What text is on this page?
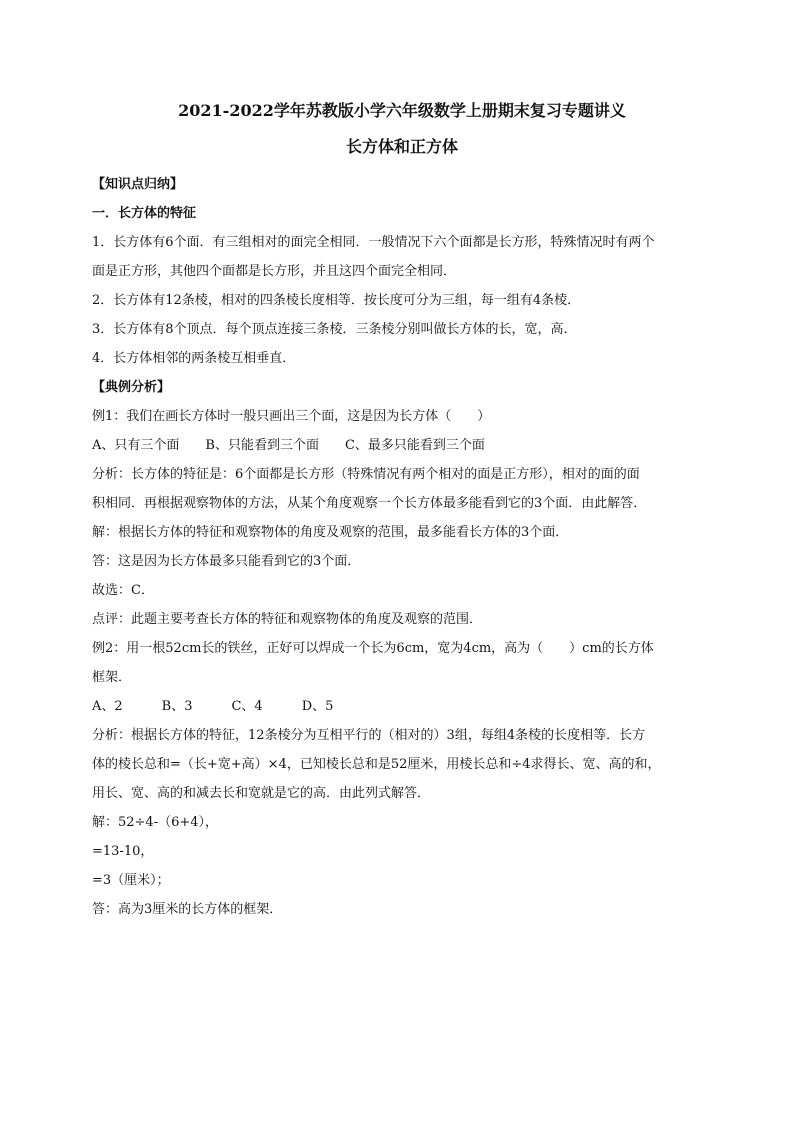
2021-2022学年苏教版小学六年级数学上册期末复习专题讲义
长方体和正方体

【知识点归纳】

一．长方体的特征

1．长方体有6个面．有三组相对的面完全相同．一般情况下六个面都是长方形，特殊情况时有两个

面是正方形，其他四个面都是长方形，并且这四个面完全相同．

2．长方体有12条棱，相对的四条棱长度相等．按长度可分为三组，每一组有4条棱．

3．长方体有8个顶点．每个顶点连接三条棱．三条棱分别叫做长方体的长，宽，高．

4．长方体相邻的两条棱互相垂直．

【典例分析】

例1：我们在画长方体时一般只画出三个面，这是因为长方体（　　）

A、只有三个面　　B、只能看到三个面　　C、最多只能看到三个面

分析：长方体的特征是：6个面都是长方形（特殊情况有两个相对的面是正方形），相对的面的面

积相同．再根据观察物体的方法，从某个角度观察一个长方体最多能看到它的3个面．由此解答．

解：根据长方体的特征和观察物体的角度及观察的范围，最多能看长方体的3个面．

答：这是因为长方体最多只能看到它的3个面．

故选：C．

点评：此题主要考查长方体的特征和观察物体的角度及观察的范围．

例2：用一根52cm长的铁丝，正好可以焊成一个长为6cm，宽为4cm，高为（　　）cm的长方体

框架．

A、2　　　B、3　　　C、4　　　D、5

分析：根据长方体的特征，12条棱分为互相平行的（相对的）3组，每组4条棱的长度相等．长方

体的棱长总和=（长+宽+高）×4，已知棱长总和是52厘米，用棱长总和÷4求得长、宽、高的和，

用长、宽、高的和减去长和宽就是它的高．由此列式解答．

解：52÷4-（6+4），

=13-10，

=3（厘米）；

答：高为3厘米的长方体的框架．
